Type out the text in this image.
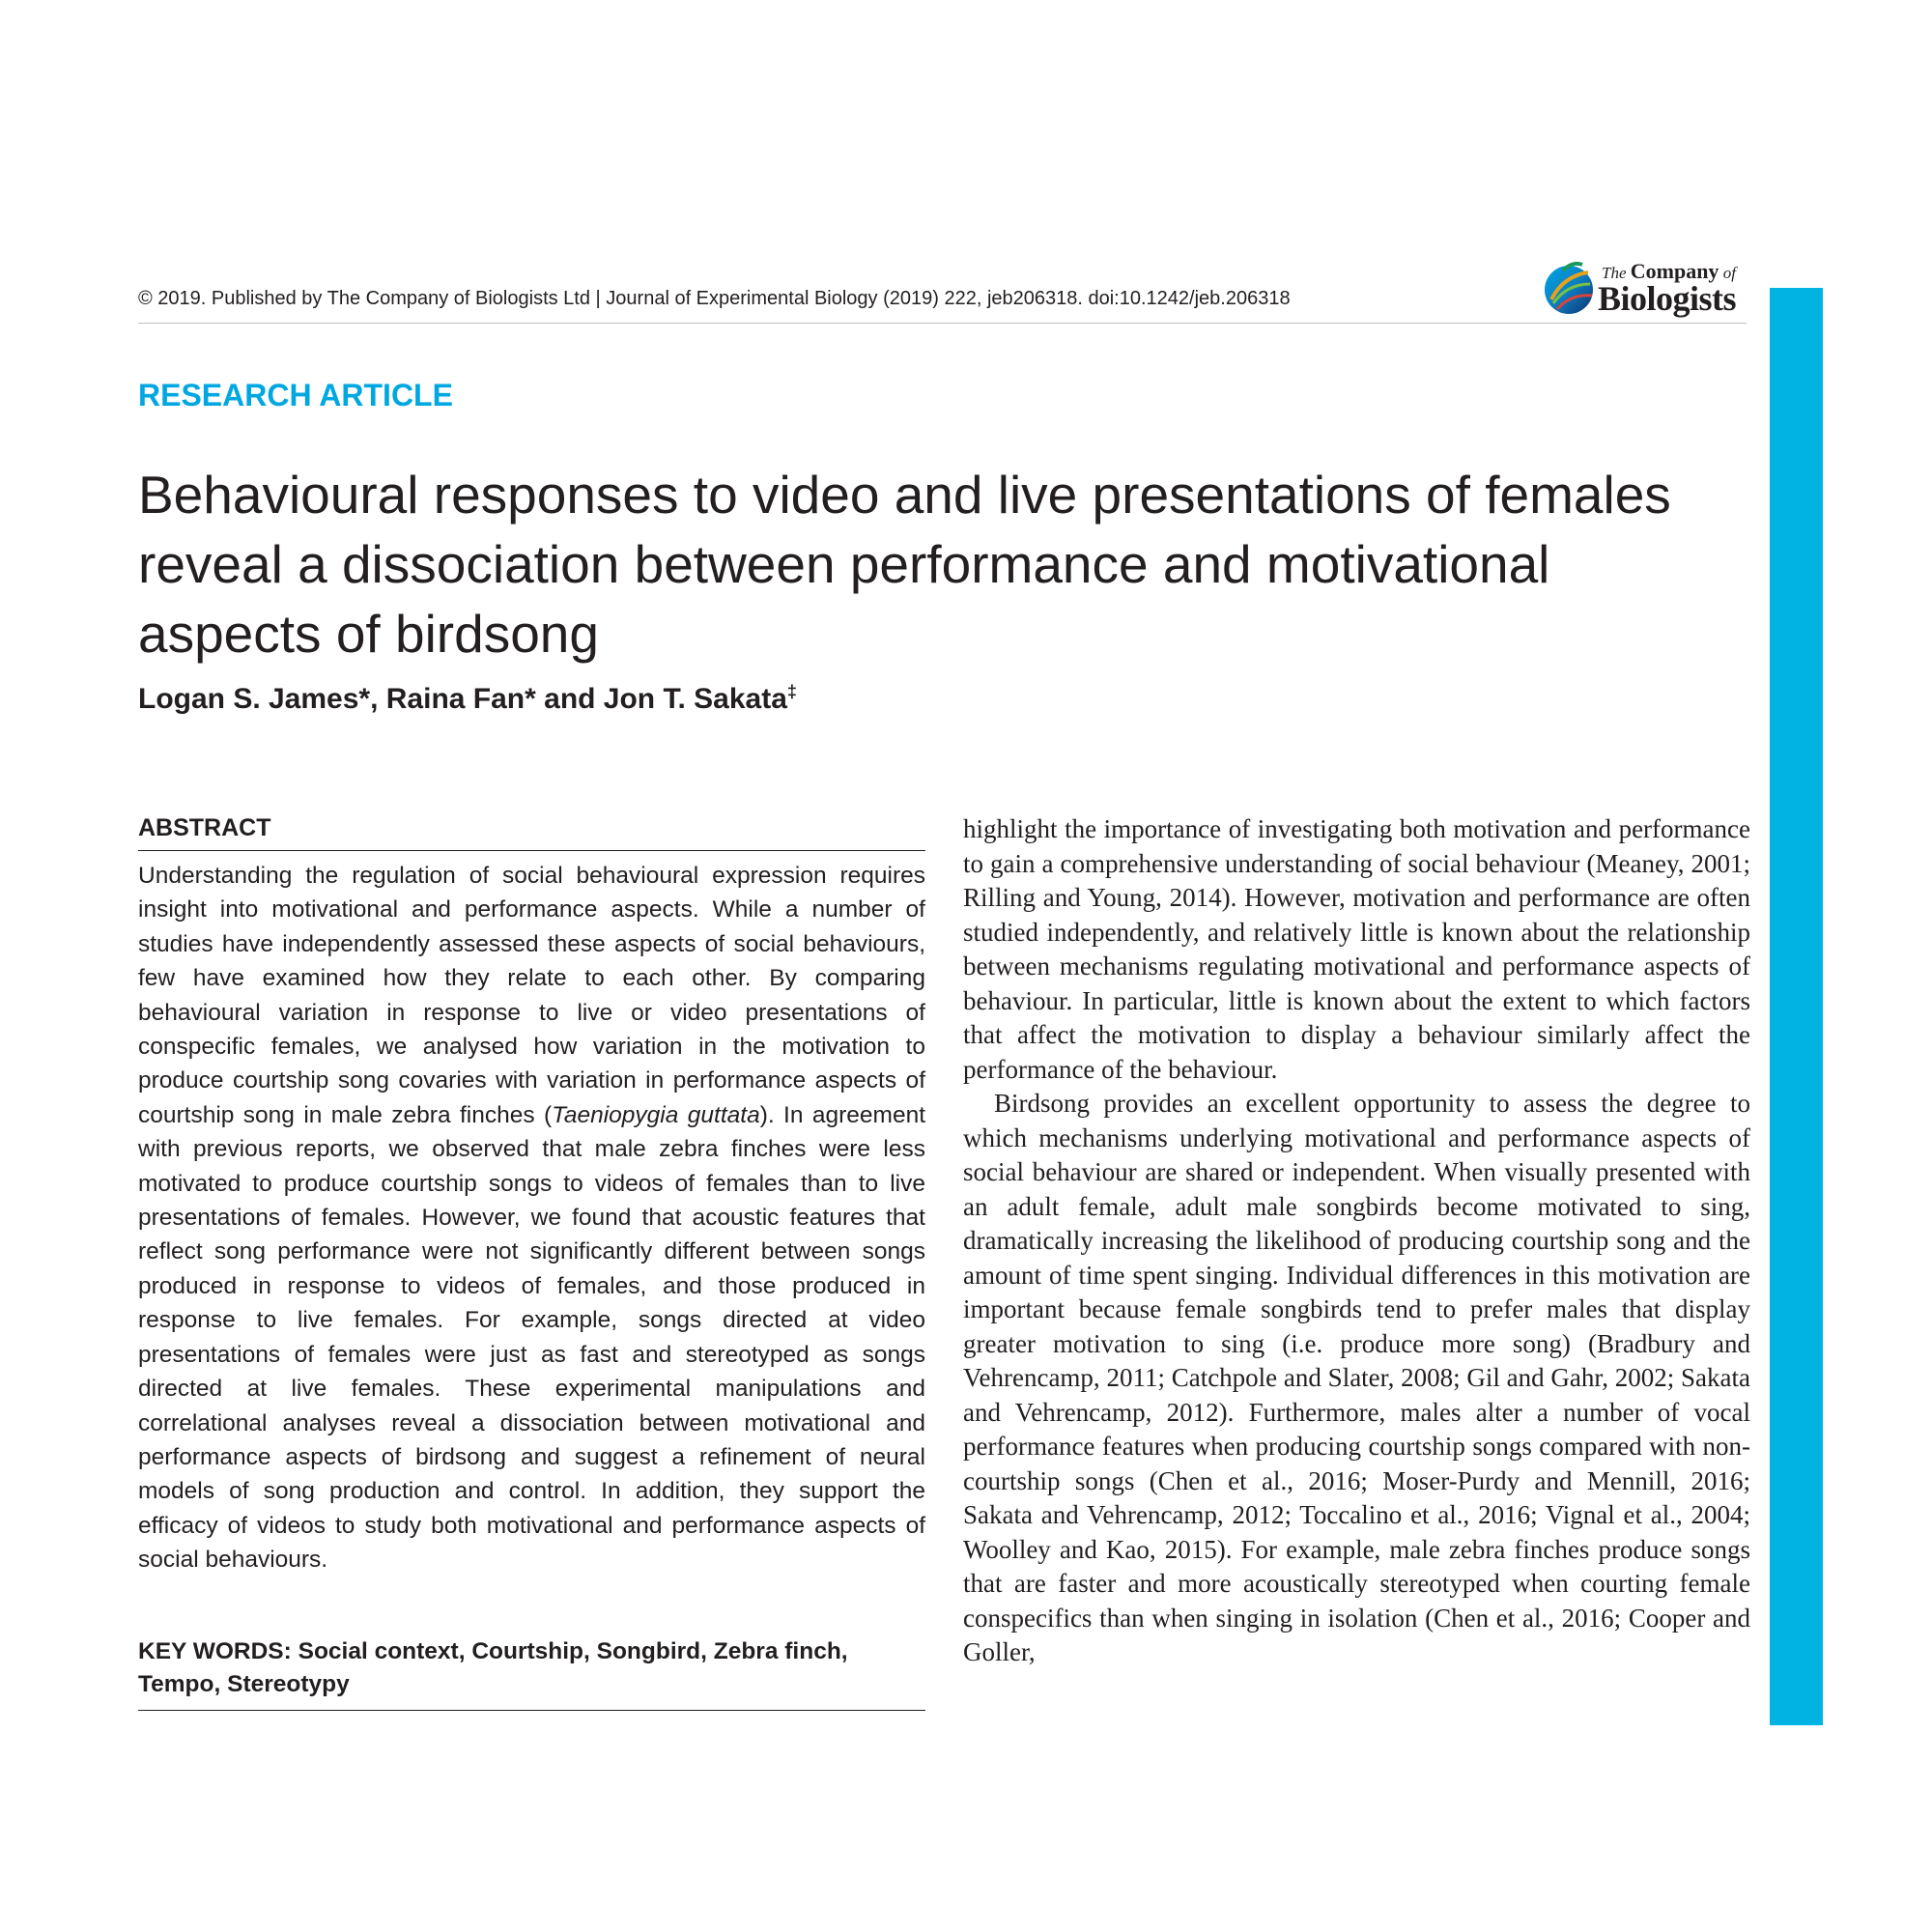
© 2019. Published by The Company of Biologists Ltd | Journal of Experimental Biology (2019) 222, jeb206318. doi:10.1242/jeb.206318
The Company of
Biologists
RESEARCH ARTICLE
Behavioural responses to video and live presentations of females
reveal a dissociation between performance and motivational
aspects of birdsong
Logan S. James*, Raina Fan* and Jon T. Sakata‡
ABSTRACT

Understanding the regulation of social behavioural expression requires insight into motivational and performance aspects. While a number of studies have independently assessed these aspects of social behaviours, few have examined how they relate to each other. By comparing behavioural variation in response to live or video presentations of conspecific females, we analysed how variation in the motivation to produce courtship song covaries with variation in performance aspects of courtship song in male zebra finches (Taeniopygia guttata). In agreement with previous reports, we observed that male zebra finches were less motivated to produce courtship songs to videos of females than to live presentations of females. However, we found that acoustic features that reflect song performance were not significantly different between songs produced in response to videos of females, and those produced in response to live females. For example, songs directed at video presentations of females were just as fast and stereotyped as songs directed at live females. These experimental manipulations and correlational analyses reveal a dissociation between motivational and performance aspects of birdsong and suggest a refinement of neural models of song production and control. In addition, they support the efficacy of videos to study both motivational and performance aspects of social behaviours.

KEY WORDS: Social context, Courtship, Songbird, Zebra finch, Tempo, Stereotypy

highlight the importance of investigating both motivation and performance to gain a comprehensive understanding of social behaviour (Meaney, 2001; Rilling and Young, 2014). However, motivation and performance are often studied independently, and relatively little is known about the relationship between mechanisms regulating motivational and performance aspects of behaviour. In particular, little is known about the extent to which factors that affect the motivation to display a behaviour similarly affect the performance of the behaviour.

Birdsong provides an excellent opportunity to assess the degree to which mechanisms underlying motivational and performance aspects of social behaviour are shared or independent. When visually presented with an adult female, adult male songbirds become motivated to sing, dramatically increasing the likelihood of producing courtship song and the amount of time spent singing. Individual differences in this motivation are important because female songbirds tend to prefer males that display greater motivation to sing (i.e. produce more song) (Bradbury and Vehrencamp, 2011; Catchpole and Slater, 2008; Gil and Gahr, 2002; Sakata and Vehrencamp, 2012). Furthermore, males alter a number of vocal performance features when producing courtship songs compared with non-courtship songs (Chen et al., 2016; Moser-Purdy and Mennill, 2016; Sakata and Vehrencamp, 2012; Toccalino et al., 2016; Vignal et al., 2004; Woolley and Kao, 2015). For example, male zebra finches produce songs that are faster and more acoustically stereotyped when courting female conspecifics than when singing in isolation (Chen et al., 2016; Cooper and Goller,
